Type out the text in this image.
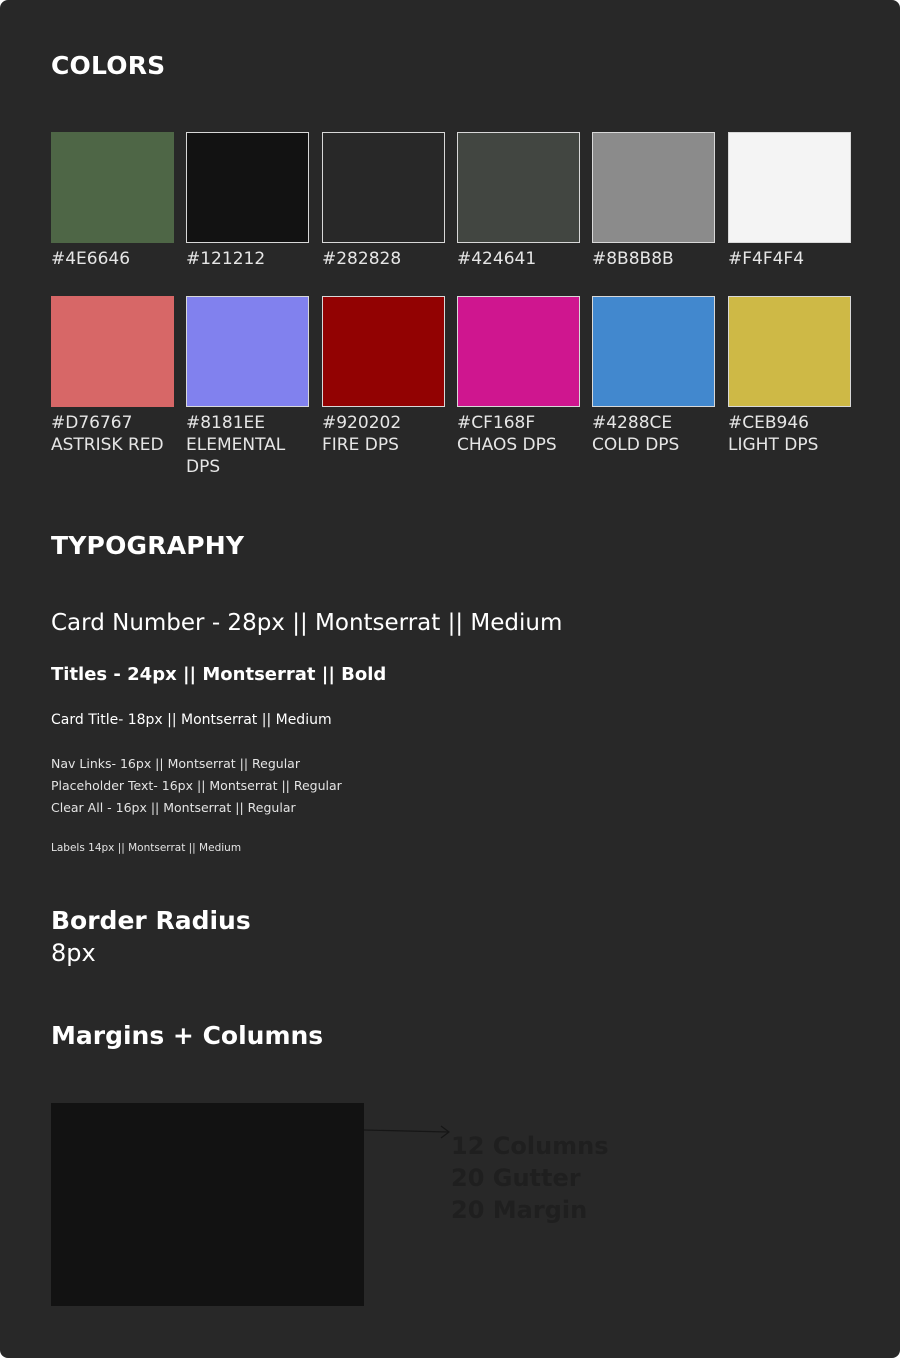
COLORS
#4E6646	#121212	#282828	#424641	#8B8B8B	#F4F4F4
#D76767
ASTRISK RED
#8181EE
ELEMENTAL DPS
#920202
FIRE DPS
#CF168F
CHAOS DPS
#4288CE
COLD DPS
#CEB946
LIGHT DPS
TYPOGRAPHY

Card Number - 28px || Montserrat || Medium

Titles - 24px || Montserrat || Bold

Card Title- 18px || Montserrat || Medium

Nav Links- 16px || Montserrat || Regular

Placeholder Text- 16px || Montserrat || Regular

Clear All - 16px || Montserrat || Regular

Labels 14px || Montserrat || Medium

Border Radius

8px

Margins + Columns

12 Columns

20 Gutter

20 Margin
